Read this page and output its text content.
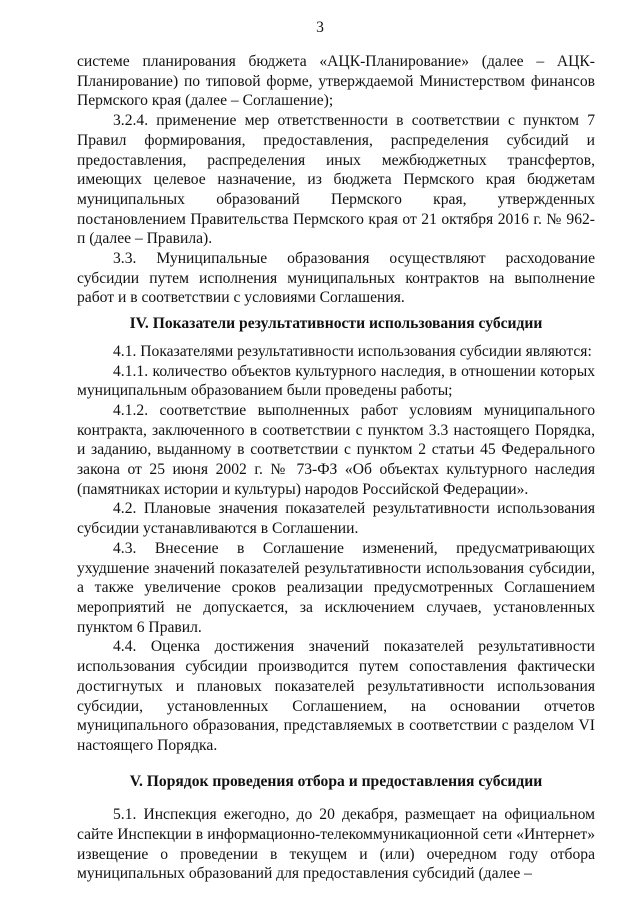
3

системе планирования бюджета «АЦК-Планирование» (далее – АЦК-Планирование) по типовой форме, утверждаемой Министерством финансов Пермского края (далее – Соглашение);

3.2.4. применение мер ответственности в соответствии с пунктом 7 Правил формирования, предоставления, распределения субсидий и предоставления, распределения иных межбюджетных трансфертов, имеющих целевое назначение, из бюджета Пермского края бюджетам муниципальных образований Пермского края, утвержденных постановлением Правительства Пермского края от 21 октября 2016 г. № 962-п (далее – Правила).

3.3. Муниципальные образования осуществляют расходование субсидии путем исполнения муниципальных контрактов на выполнение работ и в соответствии с условиями Соглашения.

IV. Показатели результативности использования субсидии

4.1. Показателями результативности использования субсидии являются:

4.1.1. количество объектов культурного наследия, в отношении которых муниципальным образованием были проведены работы;

4.1.2. соответствие выполненных работ условиям муниципального контракта, заключенного в соответствии с пунктом 3.3 настоящего Порядка, и заданию, выданному в соответствии с пунктом 2 статьи 45 Федерального закона от 25 июня 2002 г. № 73-ФЗ «Об объектах культурного наследия (памятниках истории и культуры) народов Российской Федерации».

4.2. Плановые значения показателей результативности использования субсидии устанавливаются в Соглашении.

4.3. Внесение в Соглашение изменений, предусматривающих ухудшение значений показателей результативности использования субсидии, а также увеличение сроков реализации предусмотренных Соглашением мероприятий не допускается, за исключением случаев, установленных пунктом 6 Правил.

4.4. Оценка достижения значений показателей результативности использования субсидии производится путем сопоставления фактически достигнутых и плановых показателей результативности использования субсидии, установленных Соглашением, на основании отчетов муниципального образования, представляемых в соответствии с разделом VI настоящего Порядка.

V. Порядок проведения отбора и предоставления субсидии

5.1. Инспекция ежегодно, до 20 декабря, размещает на официальном сайте Инспекции в информационно-телекоммуникационной сети «Интернет» извещение о проведении в текущем и (или) очередном году отбора муниципальных образований для предоставления субсидий (далее –
